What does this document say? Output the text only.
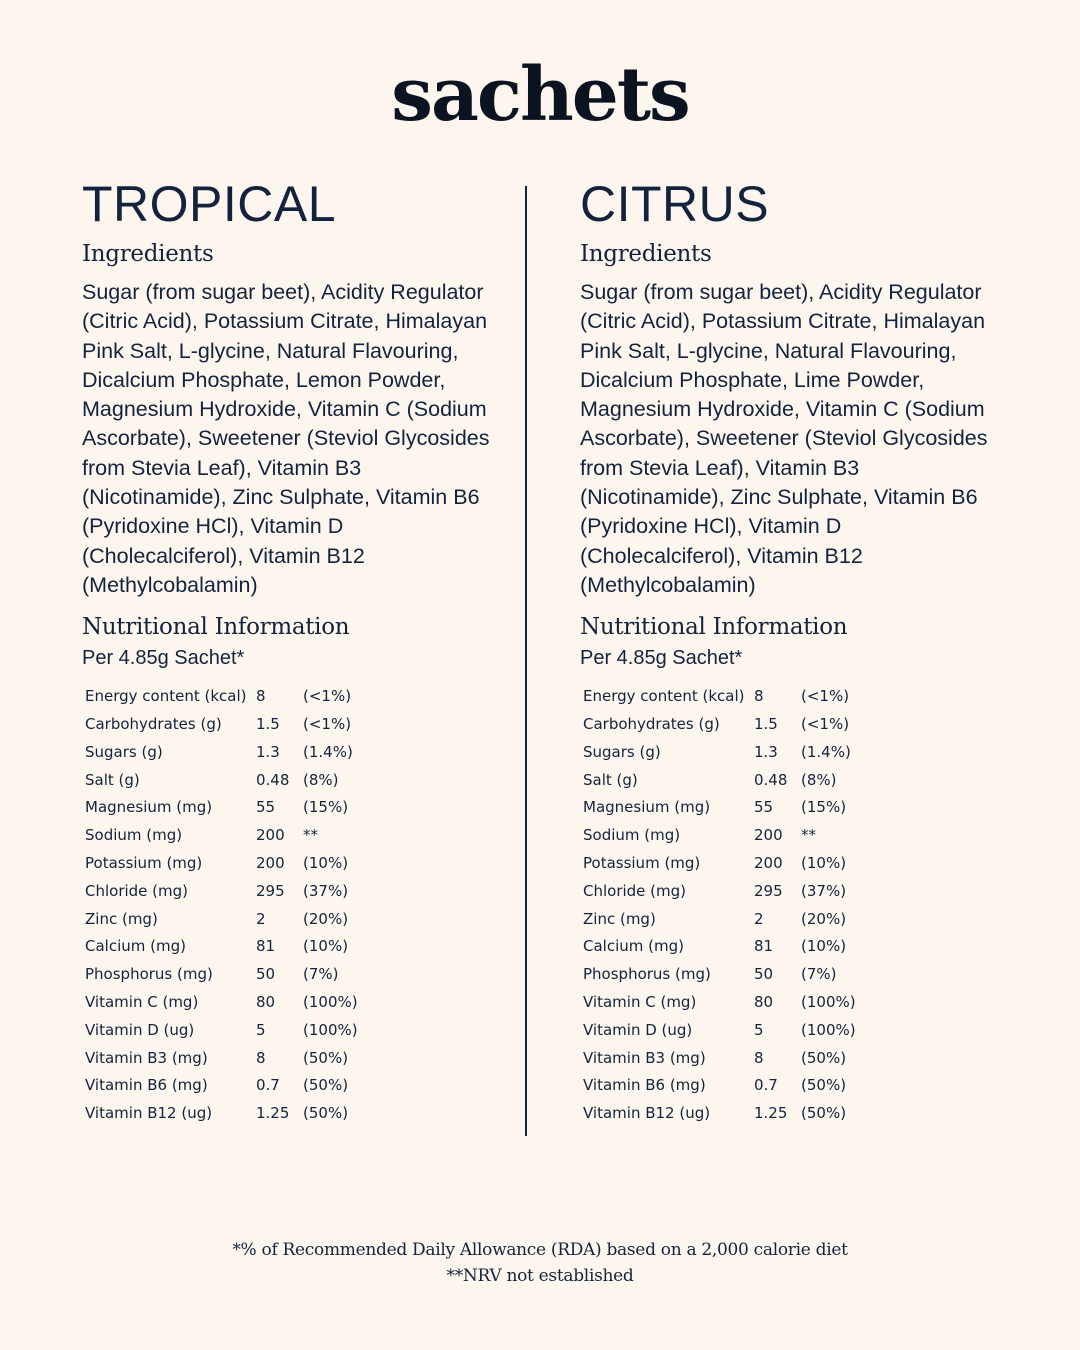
sachets
TROPICAL
Ingredients
Sugar (from sugar beet), Acidity Regulator (Citric Acid), Potassium Citrate, Himalayan Pink Salt, L-glycine, Natural Flavouring, Dicalcium Phosphate, Lemon Powder, Magnesium Hydroxide, Vitamin C (Sodium Ascorbate), Sweetener (Steviol Glycosides from Stevia Leaf), Vitamin B3 (Nicotinamide), Zinc Sulphate, Vitamin B6 (Pyridoxine HCl), Vitamin D (Cholecalciferol), Vitamin B12 (Methylcobalamin)
Nutritional Information
Per 4.85g Sachet*
Energy content (kcal)	8	(<1%)
Carbohydrates (g)	1.5	(<1%)
Sugars (g)	1.3	(1.4%)
Salt (g)	0.48	(8%)
Magnesium (mg)	55	(15%)
Sodium (mg)	200	**
Potassium (mg)	200	(10%)
Chloride (mg)	295	(37%)
Zinc (mg)	2	(20%)
Calcium (mg)	81	(10%)
Phosphorus (mg)	50	(7%)
Vitamin C (mg)	80	(100%)
Vitamin D (ug)	5	(100%)
Vitamin B3 (mg)	8	(50%)
Vitamin B6 (mg)	0.7	(50%)
Vitamin B12 (ug)	1.25	(50%)
CITRUS
Ingredients
Sugar (from sugar beet), Acidity Regulator (Citric Acid), Potassium Citrate, Himalayan Pink Salt, L-glycine, Natural Flavouring, Dicalcium Phosphate, Lime Powder, Magnesium Hydroxide, Vitamin C (Sodium Ascorbate), Sweetener (Steviol Glycosides from Stevia Leaf), Vitamin B3 (Nicotinamide), Zinc Sulphate, Vitamin B6 (Pyridoxine HCl), Vitamin D (Cholecalciferol), Vitamin B12 (Methylcobalamin)
Nutritional Information
Per 4.85g Sachet*
Energy content (kcal)	8	(<1%)
Carbohydrates (g)	1.5	(<1%)
Sugars (g)	1.3	(1.4%)
Salt (g)	0.48	(8%)
Magnesium (mg)	55	(15%)
Sodium (mg)	200	**
Potassium (mg)	200	(10%)
Chloride (mg)	295	(37%)
Zinc (mg)	2	(20%)
Calcium (mg)	81	(10%)
Phosphorus (mg)	50	(7%)
Vitamin C (mg)	80	(100%)
Vitamin D (ug)	5	(100%)
Vitamin B3 (mg)	8	(50%)
Vitamin B6 (mg)	0.7	(50%)
Vitamin B12 (ug)	1.25	(50%)
*% of Recommended Daily Allowance (RDA) based on a 2,000 calorie diet
**NRV not established
